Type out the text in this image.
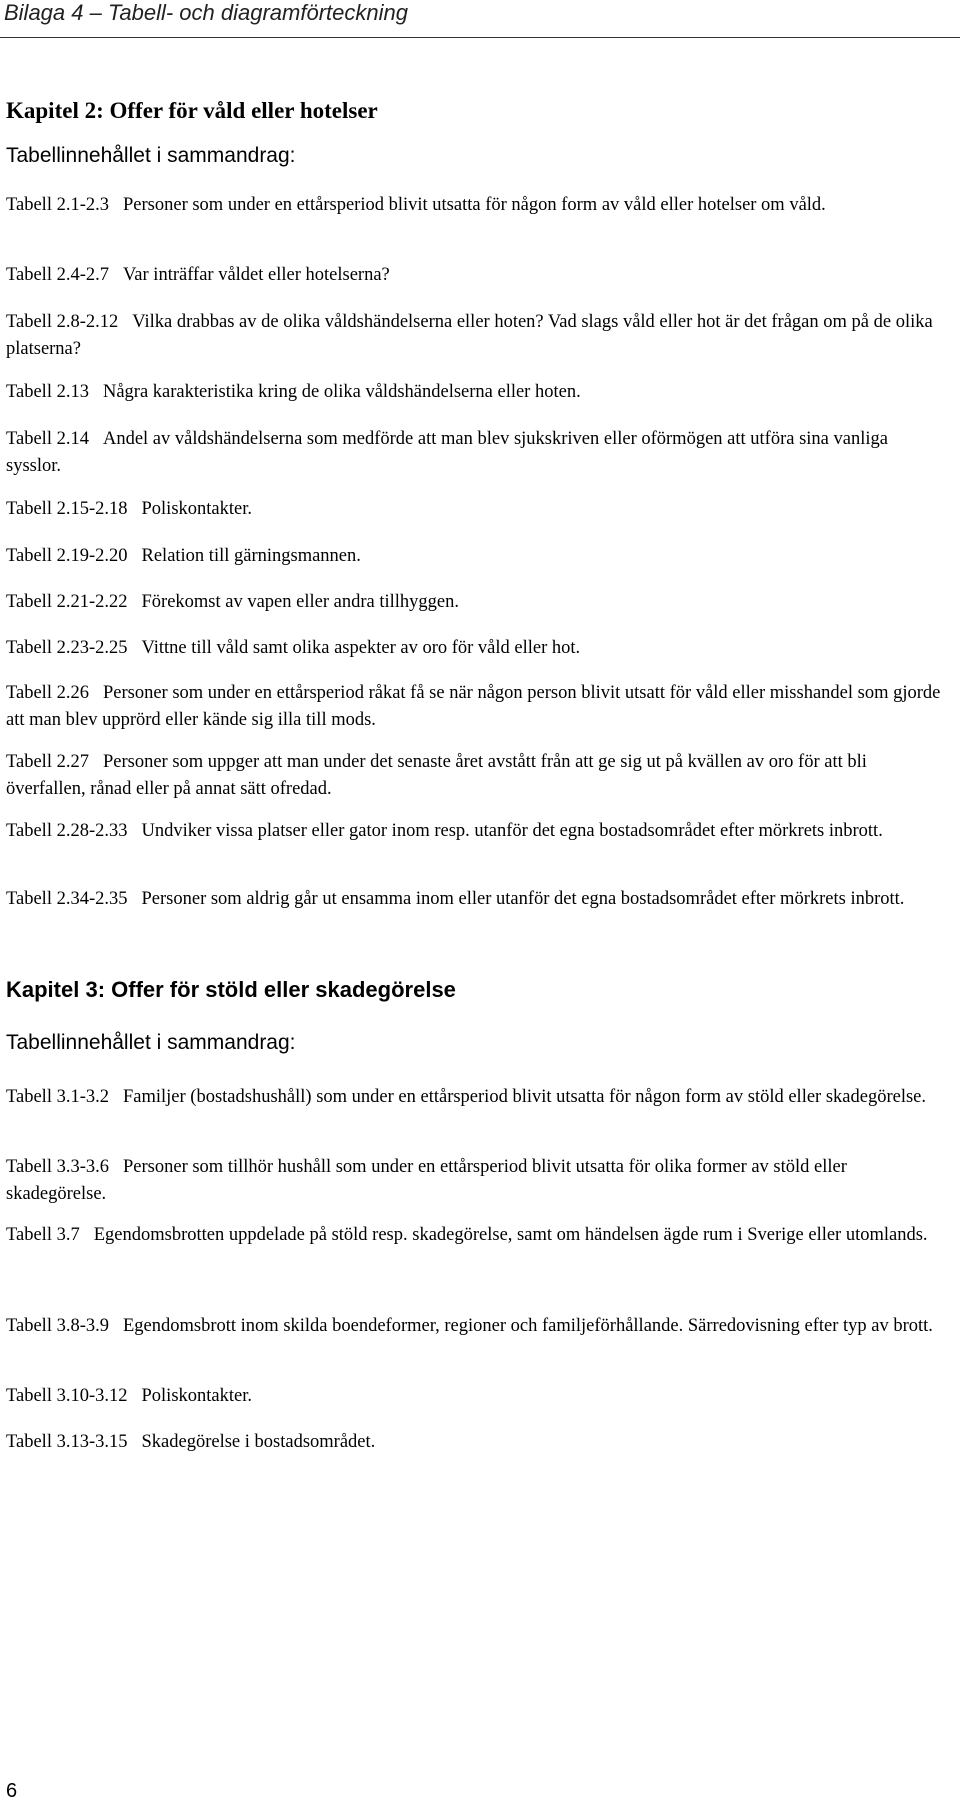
Bilaga 4 – Tabell- och diagramförteckning
Kapitel 2: Offer för våld eller hotelser
Tabellinnehållet i sammandrag:
Tabell 2.1-2.3 Personer som under en ettårsperiod blivit utsatta för någon form av våld eller hotelser om våld.
Tabell 2.4-2.7 Var inträffar våldet eller hotelserna?
Tabell 2.8-2.12 Vilka drabbas av de olika våldshändelserna eller hoten? Vad slags våld eller hot är det frågan om på de olika platserna?
Tabell 2.13 Några karakteristika kring de olika våldshändelserna eller hoten.
Tabell 2.14 Andel av våldshändelserna som medförde att man blev sjukskriven eller oförmögen att utföra sina vanliga sysslor.
Tabell 2.15-2.18 Poliskontakter.
Tabell 2.19-2.20 Relation till gärningsmannen.
Tabell 2.21-2.22 Förekomst av vapen eller andra tillhyggen.
Tabell 2.23-2.25 Vittne till våld samt olika aspekter av oro för våld eller hot.
Tabell 2.26 Personer som under en ettårsperiod råkat få se när någon person blivit utsatt för våld eller misshandel som gjorde att man blev upprörd eller kände sig illa till mods.
Tabell 2.27 Personer som uppger att man under det senaste året avstått från att ge sig ut på kvällen av oro för att bli överfallen, rånad eller på annat sätt ofredad.
Tabell 2.28-2.33 Undviker vissa platser eller gator inom resp. utanför det egna bostadsområdet efter mörkrets inbrott.
Tabell 2.34-2.35 Personer som aldrig går ut ensamma inom eller utanför det egna bostadsområdet efter mörkrets inbrott.
Kapitel 3: Offer för stöld eller skadegörelse
Tabellinnehållet i sammandrag:
Tabell 3.1-3.2 Familjer (bostadshushåll) som under en ettårsperiod blivit utsatta för någon form av stöld eller skadegörelse.
Tabell 3.3-3.6 Personer som tillhör hushåll som under en ettårsperiod blivit utsatta för olika former av stöld eller skadegörelse.
Tabell 3.7 Egendomsbrotten uppdelade på stöld resp. skadegörelse, samt om händelsen ägde rum i Sverige eller utomlands.
Tabell 3.8-3.9 Egendomsbrott inom skilda boendeformer, regioner och familjeförhållande. Särredovisning efter typ av brott.
Tabell 3.10-3.12 Poliskontakter.
Tabell 3.13-3.15 Skadegörelse i bostadsområdet.
6
